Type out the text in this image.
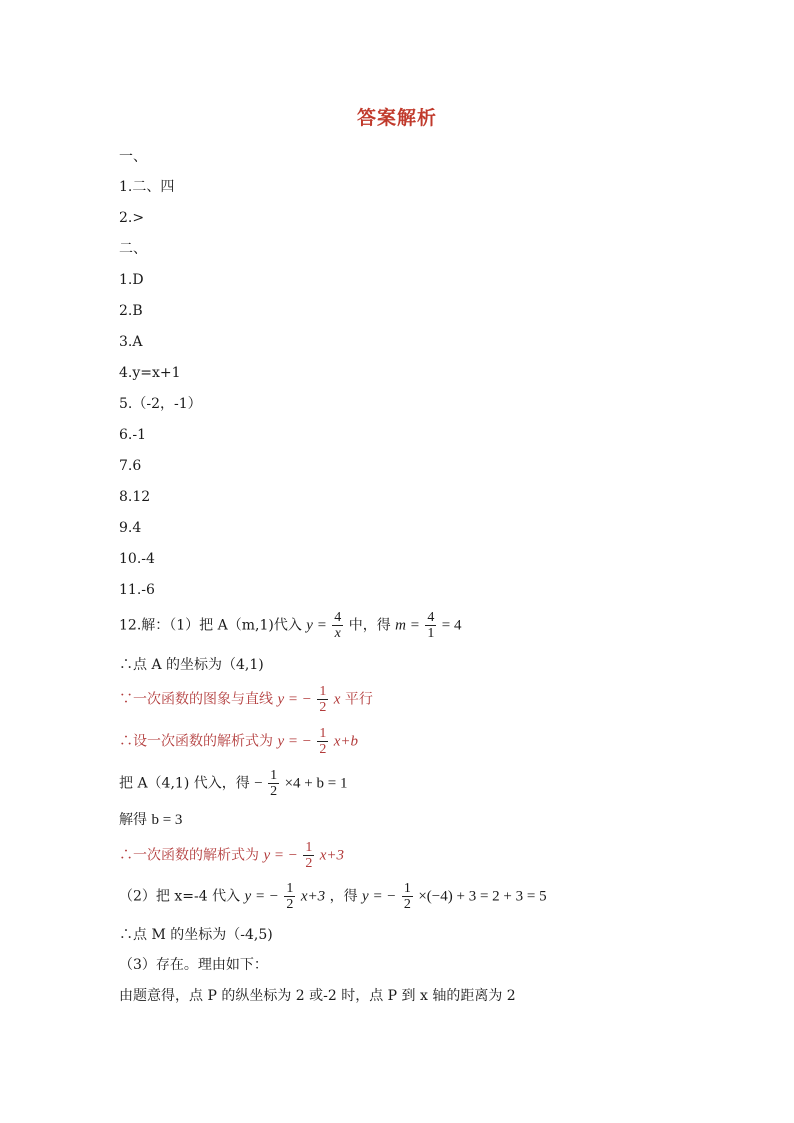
答案解析
一、
1.二、四
2.>
二、
1.D
2.B
3.A
4.y=x+1
5.（-2，-1）
6.-1
7.6
8.12
9.4
10.-4
11.-6
12.解：（1）把 A（m,1)代入 $y = \frac{4}{x}$ 中，得 $m = \frac{4}{1} = 4$
∴点 A 的坐标为（4,1)
∵一次函数的图象与直线 y = − $\frac{1}{2}$ x 平行
∴设一次函数的解析式为 y = − $\frac{1}{2} x+b$
把 A（4,1) 代入，得 − $\frac{1}{2} \times 4 + b = 1$
解得 b = 3
∴一次函数的解析式为 y = − $\frac{1}{2} x+3$
（2）把 x=-4 代入 y = − $\frac{1}{2} x+3$ ，得 y = − $\frac{1}{2} \times(-4) + 3 = 2 + 3 = 5$
∴点 M 的坐标为（-4,5)
（3）存在。理由如下：
由题意得，点 P 的纵坐标为 2 或-2 时，点 P 到 x 轴的距离为 2
